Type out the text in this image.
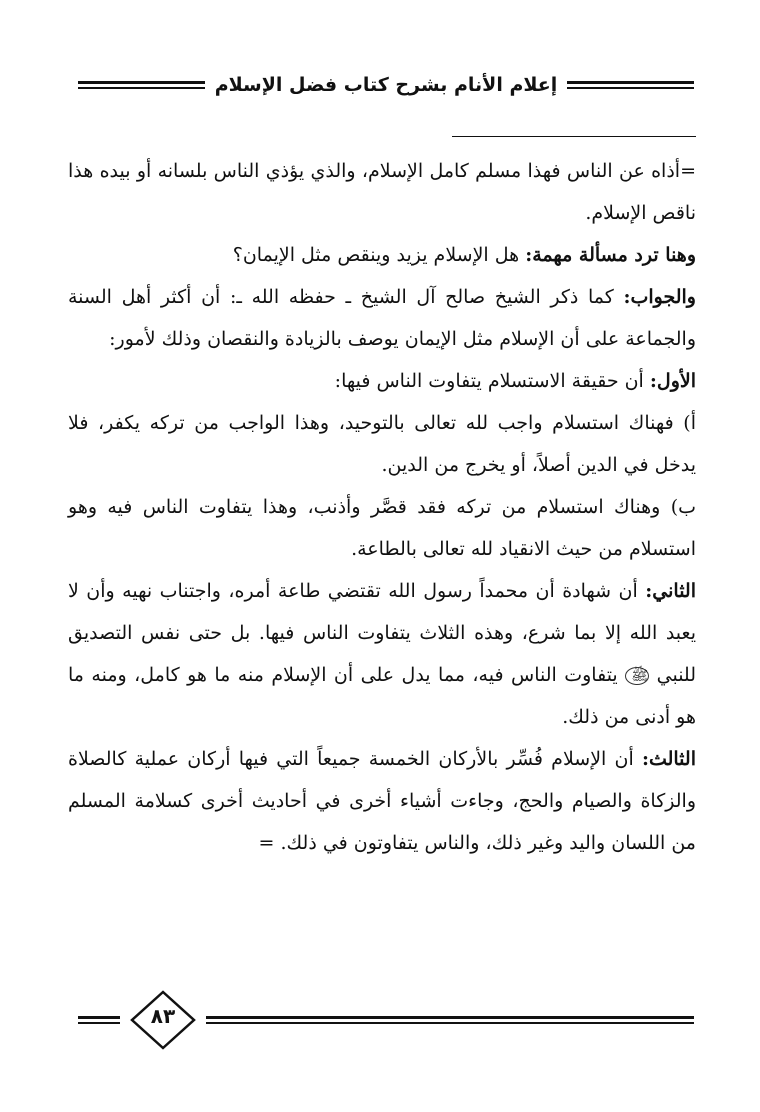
إعلام الأنام بشرح كتاب فضل الإسلام

=أذاه عن الناس فهذا مسلم كامل الإسلام، والذي يؤذي الناس بلسانه أو بيده هذا ناقص الإسلام.

وهنا ترد مسألة مهمة: هل الإسلام يزيد وينقص مثل الإيمان؟

والجواب: كما ذكر الشيخ صالح آل الشيخ ـ حفظه الله ـ: أن أكثر أهل السنة والجماعة على أن الإسلام مثل الإيمان يوصف بالزيادة والنقصان وذلك لأمور:

الأول: أن حقيقة الاستسلام يتفاوت الناس فيها:

أ) فهناك استسلام واجب لله تعالى بالتوحيد، وهذا الواجب من تركه يكفر، فلا يدخل في الدين أصلاً، أو يخرج من الدين.

ب) وهناك استسلام من تركه فقد قصَّر وأذنب، وهذا يتفاوت الناس فيه وهو استسلام من حيث الانقياد لله تعالى بالطاعة.

الثاني: أن شهادة أن محمداً رسول الله تقتضي طاعة أمره، واجتناب نهيه وأن لا يعبد الله إلا بما شرع، وهذه الثلاث يتفاوت الناس فيها. بل حتى نفس التصديق للنبي ﷺ يتفاوت الناس فيه، مما يدل على أن الإسلام منه ما هو كامل، ومنه ما هو أدنى من ذلك.

الثالث: أن الإسلام فُسِّر بالأركان الخمسة جميعاً التي فيها أركان عملية كالصلاة والزكاة والصيام والحج، وجاءت أشياء أخرى في أحاديث أخرى كسلامة المسلم من اللسان واليد وغير ذلك، والناس يتفاوتون في ذلك. =

٨٣
